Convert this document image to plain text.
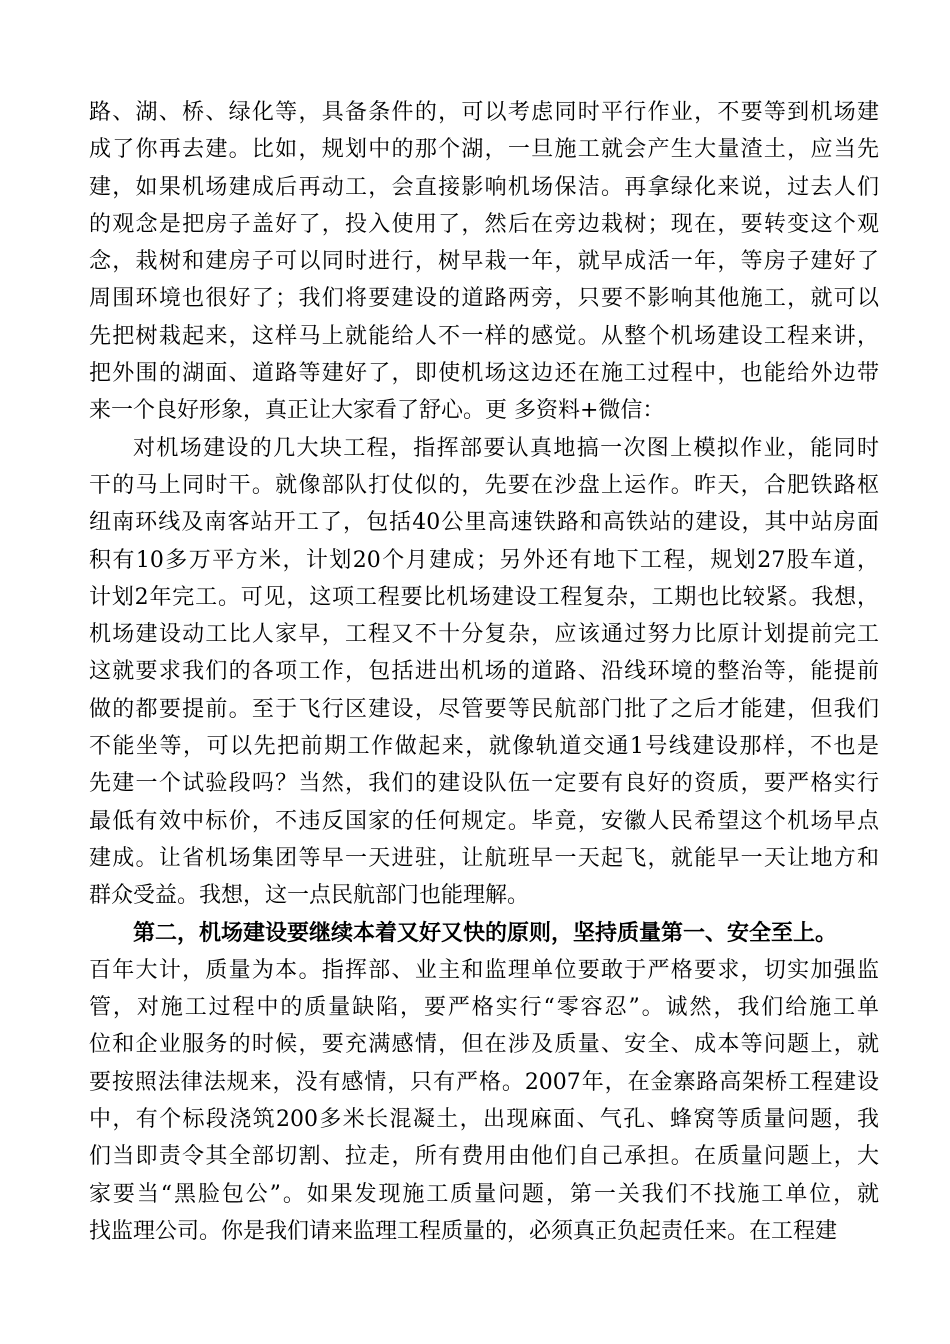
路、湖、桥、绿化等，具备条件的，可以考虑同时平行作业，不要等到机场建
成了你再去建。比如，规划中的那个湖，一旦施工就会产生大量渣土，应当先
建，如果机场建成后再动工，会直接影响机场保洁。再拿绿化来说，过去人们
的观念是把房子盖好了，投入使用了，然后在旁边栽树；现在，要转变这个观
念，栽树和建房子可以同时进行，树早栽一年，就早成活一年，等房子建好了
周围环境也很好了；我们将要建设的道路两旁，只要不影响其他施工，就可以
先把树栽起来，这样马上就能给人不一样的感觉。从整个机场建设工程来讲，
把外围的湖面、道路等建好了，即使机场这边还在施工过程中，也能给外边带
来一个良好形象，真正让大家看了舒心。更 多资料+微信：
对机场建设的几大块工程，指挥部要认真地搞一次图上模拟作业，能同时
干的马上同时干。就像部队打仗似的，先要在沙盘上运作。昨天，合肥铁路枢
纽南环线及南客站开工了，包括40公里高速铁路和高铁站的建设，其中站房面
积有10多万平方米，计划20个月建成；另外还有地下工程，规划27股车道，
计划2年完工。可见，这项工程要比机场建设工程复杂，工期也比较紧。我想，
机场建设动工比人家早，工程又不十分复杂，应该通过努力比原计划提前完工
这就要求我们的各项工作，包括进出机场的道路、沿线环境的整治等，能提前
做的都要提前。至于飞行区建设，尽管要等民航部门批了之后才能建，但我们
不能坐等，可以先把前期工作做起来，就像轨道交通1号线建设那样，不也是
先建一个试验段吗？当然，我们的建设队伍一定要有良好的资质，要严格实行
最低有效中标价，不违反国家的任何规定。毕竟，安徽人民希望这个机场早点
建成。让省机场集团等早一天进驻，让航班早一天起飞，就能早一天让地方和
群众受益。我想，这一点民航部门也能理解。
第二，机场建设要继续本着又好又快的原则，坚持质量第一、安全至上。
百年大计，质量为本。指挥部、业主和监理单位要敢于严格要求，切实加强监
管，对施工过程中的质量缺陷，要严格实行“零容忍”。诚然，我们给施工单
位和企业服务的时候，要充满感情，但在涉及质量、安全、成本等问题上，就
要按照法律法规来，没有感情，只有严格。2007年，在金寨路高架桥工程建设
中，有个标段浇筑200多米长混凝土，出现麻面、气孔、蜂窝等质量问题，我
们当即责令其全部切割、拉走，所有费用由他们自己承担。在质量问题上，大
家要当“黑脸包公”。如果发现施工质量问题，第一关我们不找施工单位，就
找监理公司。你是我们请来监理工程质量的，必须真正负起责任来。在工程建
